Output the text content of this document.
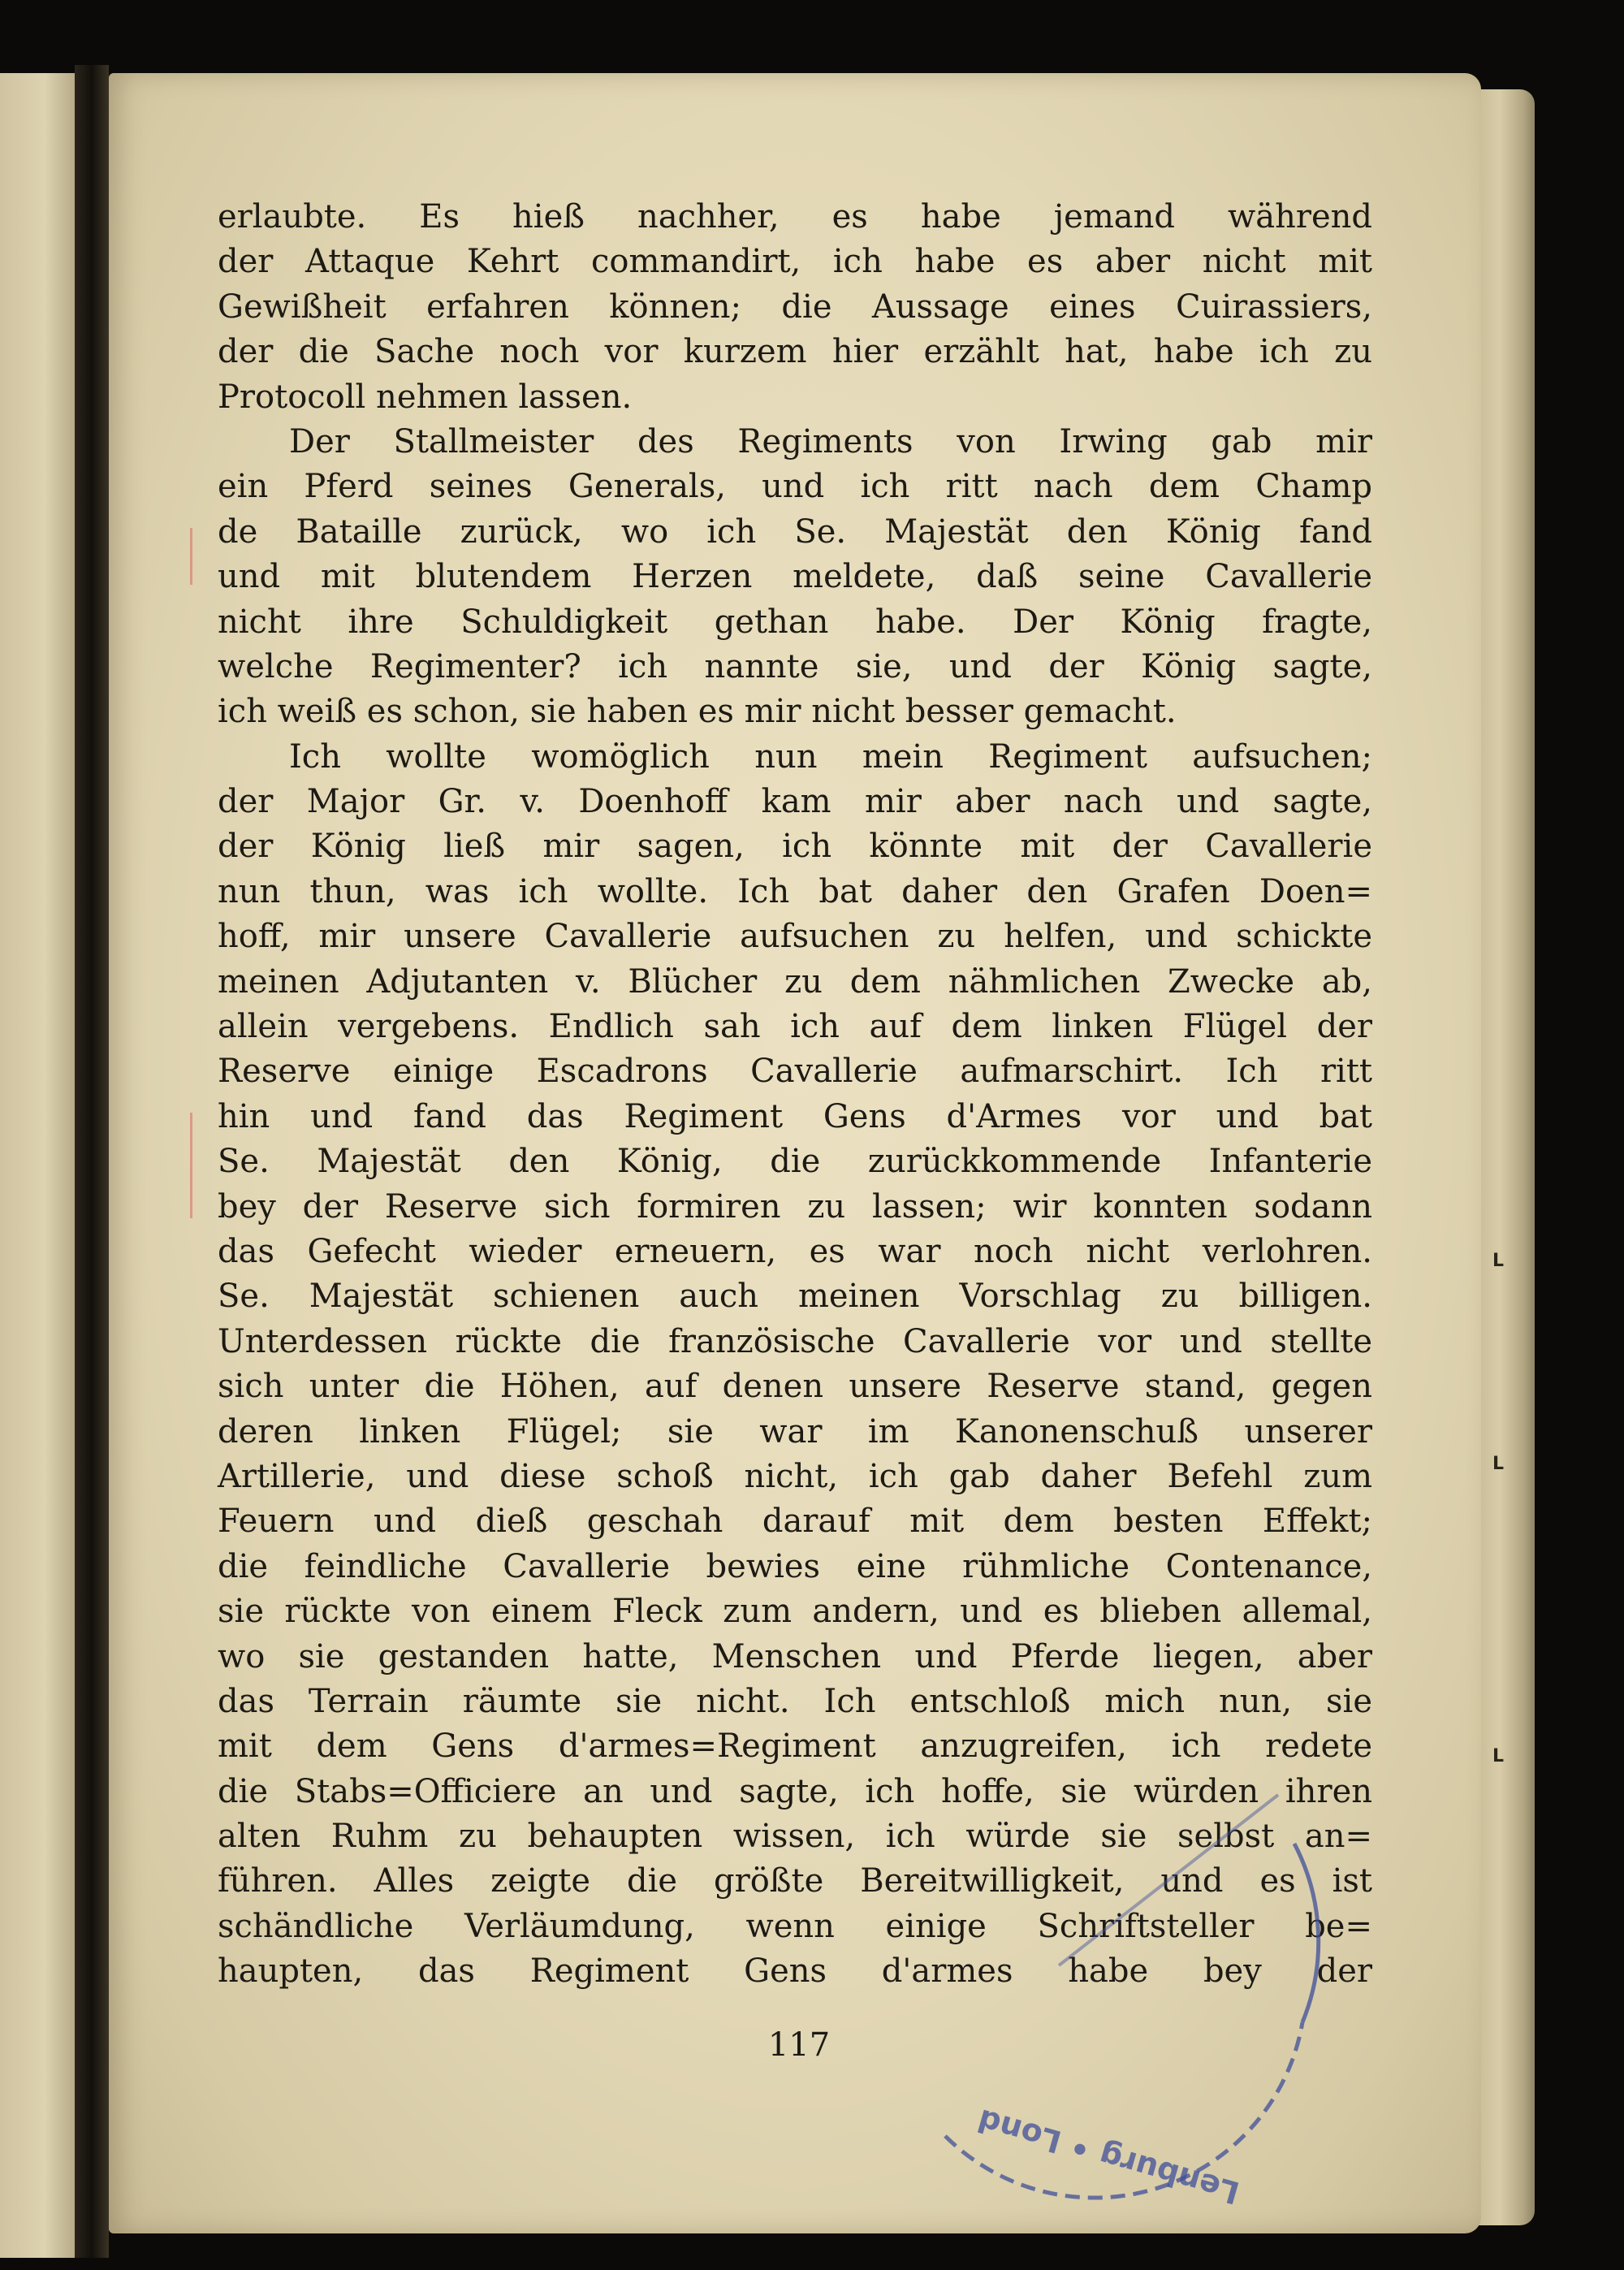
L
L
L
erlaubte. Es hieß nachher, es habe jemand während
der Attaque Kehrt commandirt, ich habe es aber nicht mit
Gewißheit erfahren können; die Aussage eines Cuirassiers,
der die Sache noch vor kurzem hier erzählt hat, habe ich zu
Protocoll nehmen lassen.
Der Stallmeister des Regiments von Irwing gab mir
ein Pferd seines Generals, und ich ritt nach dem Champ
de Bataille zurück, wo ich Se. Majestät den König fand
und mit blutendem Herzen meldete, daß seine Cavallerie
nicht ihre Schuldigkeit gethan habe. Der König fragte,
welche Regimenter? ich nannte sie, und der König sagte,
ich weiß es schon, sie haben es mir nicht besser gemacht.
Ich wollte womöglich nun mein Regiment aufsuchen;
der Major Gr. v. Doenhoff kam mir aber nach und sagte,
der König ließ mir sagen, ich könnte mit der Cavallerie
nun thun, was ich wollte. Ich bat daher den Grafen Doen=
hoff, mir unsere Cavallerie aufsuchen zu helfen, und schickte
meinen Adjutanten v. Blücher zu dem nähmlichen Zwecke ab,
allein vergebens. Endlich sah ich auf dem linken Flügel der
Reserve einige Escadrons Cavallerie aufmarschirt. Ich ritt
hin und fand das Regiment Gens d'Armes vor und bat
Se. Majestät den König, die zurückkommende Infanterie
bey der Reserve sich formiren zu lassen; wir konnten sodann
das Gefecht wieder erneuern, es war noch nicht verlohren.
Se. Majestät schienen auch meinen Vorschlag zu billigen.
Unterdessen rückte die französische Cavallerie vor und stellte
sich unter die Höhen, auf denen unsere Reserve stand, gegen
deren linken Flügel; sie war im Kanonenschuß unserer
Artillerie, und diese schoß nicht, ich gab daher Befehl zum
Feuern und dieß geschah darauf mit dem besten Effekt;
die feindliche Cavallerie bewies eine rühmliche Contenance,
sie rückte von einem Fleck zum andern, und es blieben allemal,
wo sie gestanden hatte, Menschen und Pferde liegen, aber
das Terrain räumte sie nicht. Ich entschloß mich nun, sie
mit dem Gens d'armes=Regiment anzugreifen, ich redete
die Stabs=Officiere an und sagte, ich hoffe, sie würden ihren
alten Ruhm zu behaupten wissen, ich würde sie selbst an=
führen. Alles zeigte die größte Bereitwilligkeit, und es ist
schändliche Verläumdung, wenn einige Schriftsteller be=
haupten, das Regiment Gens d'armes habe bey der
117
Lenburg • Lond
